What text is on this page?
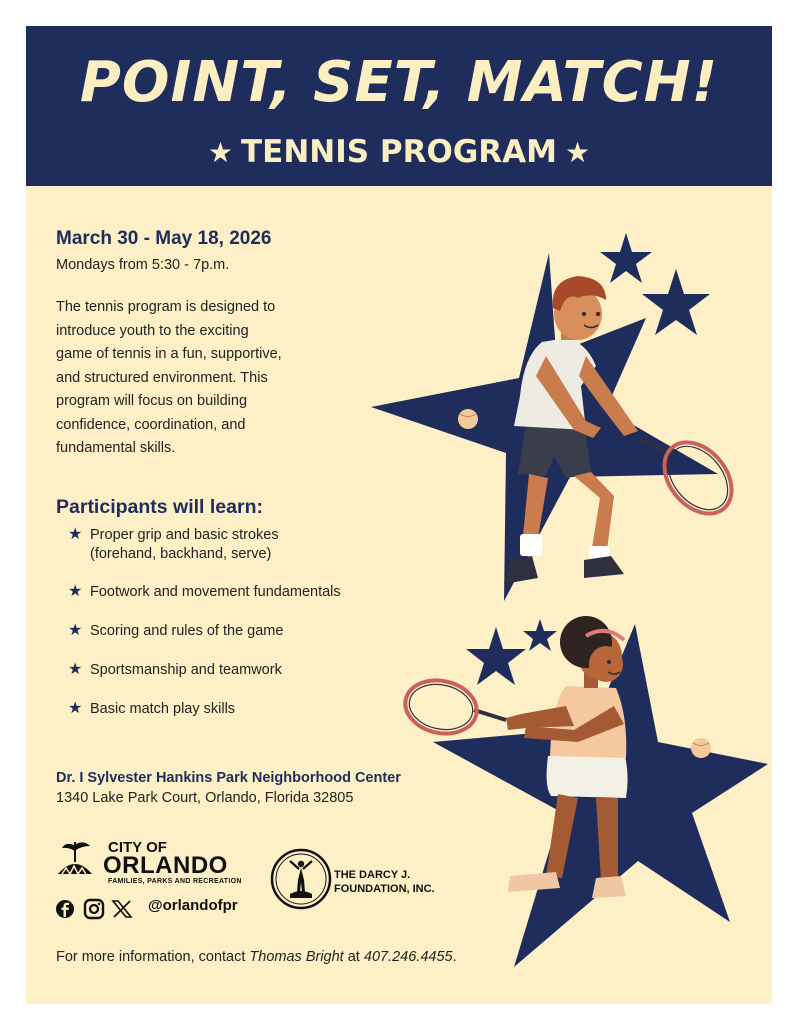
POINT, SET, MATCH!
★ TENNIS PROGRAM ★
March 30 - May 18, 2026
Mondays from 5:30 - 7p.m.
The tennis program is designed to
introduce youth to the exciting
game of tennis in a fun, supportive,
and structured environment. This
program will focus on building
confidence, coordination, and
fundamental skills.
Participants will learn:
★ Proper grip and basic strokes
(forehand, backhand, serve)
★ Footwork and movement fundamentals
★ Scoring and rules of the game
★ Sportsmanship and teamwork
★ Basic match play skills
Dr. I Sylvester Hankins Park Neighborhood Center
1340 Lake Park Court, Orlando, Florida 32805
CITY OF
ORLANDO
FAMILIES, PARKS AND RECREATION
@orlandofpr
THE DARCY J.
FOUNDATION, INC.
For more information, contact Thomas Bright at 407.246.4455.
